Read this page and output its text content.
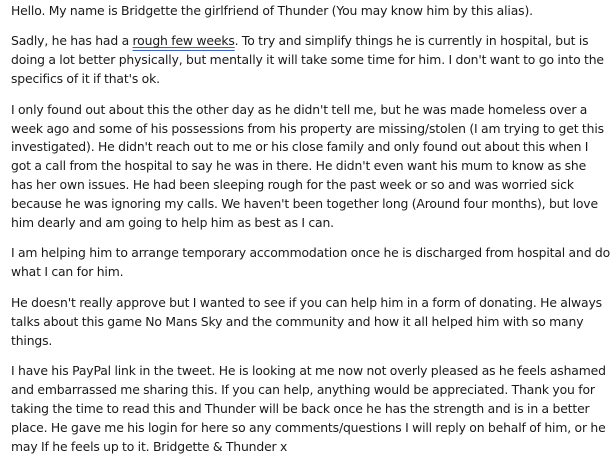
Hello. My name is Bridgette the girlfriend of Thunder (You may know him by this alias).

Sadly, he has had a rough few weeks. To try and simplify things he is currently in hospital, but is doing a lot better physically, but mentally it will take some time for him. I don't want to go into the specifics of it if that's ok.

I only found out about this the other day as he didn't tell me, but he was made homeless over a week ago and some of his possessions from his property are missing/stolen (I am trying to get this investigated). He didn't reach out to me or his close family and only found out about this when I got a call from the hospital to say he was in there. He didn't even want his mum to know as she has her own issues. He had been sleeping rough for the past week or so and was worried sick because he was ignoring my calls. We haven't been together long (Around four months), but love him dearly and am going to help him as best as I can.

I am helping him to arrange temporary accommodation once he is discharged from hospital and do what I can for him.

He doesn't really approve but I wanted to see if you can help him in a form of donating. He always talks about this game No Mans Sky and the community and how it all helped him with so many things.

I have his PayPal link in the tweet. He is looking at me now not overly pleased as he feels ashamed and embarrassed me sharing this. If you can help, anything would be appreciated. Thank you for taking the time to read this and Thunder will be back once he has the strength and is in a better place. He gave me his login for here so any comments/questions I will reply on behalf of him, or he may If he feels up to it. Bridgette & Thunder x
